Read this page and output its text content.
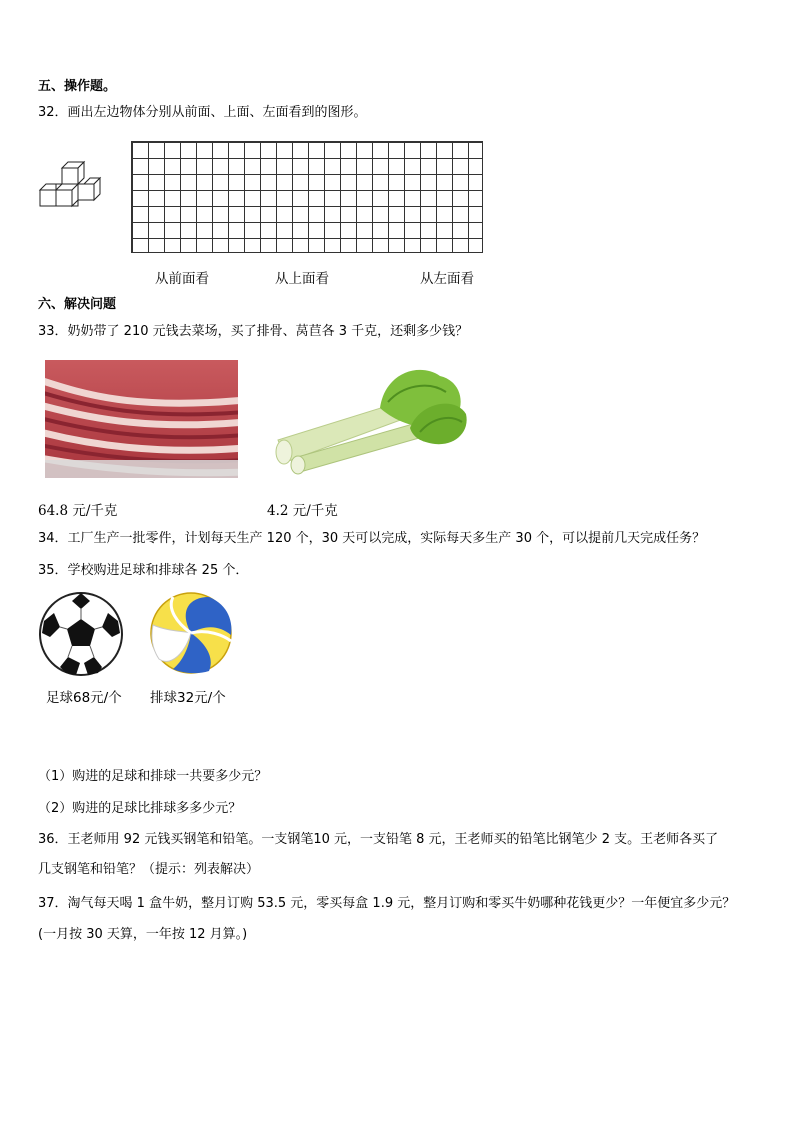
五、操作题。
32．画出左边物体分别从前面、上面、左面看到的图形。
从前面看	从上面看	从左面看
六、解决问题
33．奶奶带了 210 元钱去菜场，买了排骨、莴苣各 3 千克，还剩多少钱？
64.8 元/千克	4.2 元/千克
34．工厂生产一批零件，计划每天生产 120 个，30 天可以完成，实际每天多生产 30 个，可以提前几天完成任务？
35．学校购进足球和排球各 25 个．
足球68元/个 排球32元/个
（1）购进的足球和排球一共要多少元？
（2）购进的足球比排球多多少元？
36．王老师用 92 元钱买钢笔和铅笔。一支钢笔10 元，一支铅笔 8 元，王老师买的铅笔比钢笔少 2 支。王老师各买了
几支钢笔和铅笔？（提示：列表解决）
37．淘气每天喝 1 盒牛奶，整月订购 53.5 元，零买每盒 1.9 元，整月订购和零买牛奶哪种花钱更少？一年便宜多少元？
(一月按 30 天算，一年按 12 月算。)
